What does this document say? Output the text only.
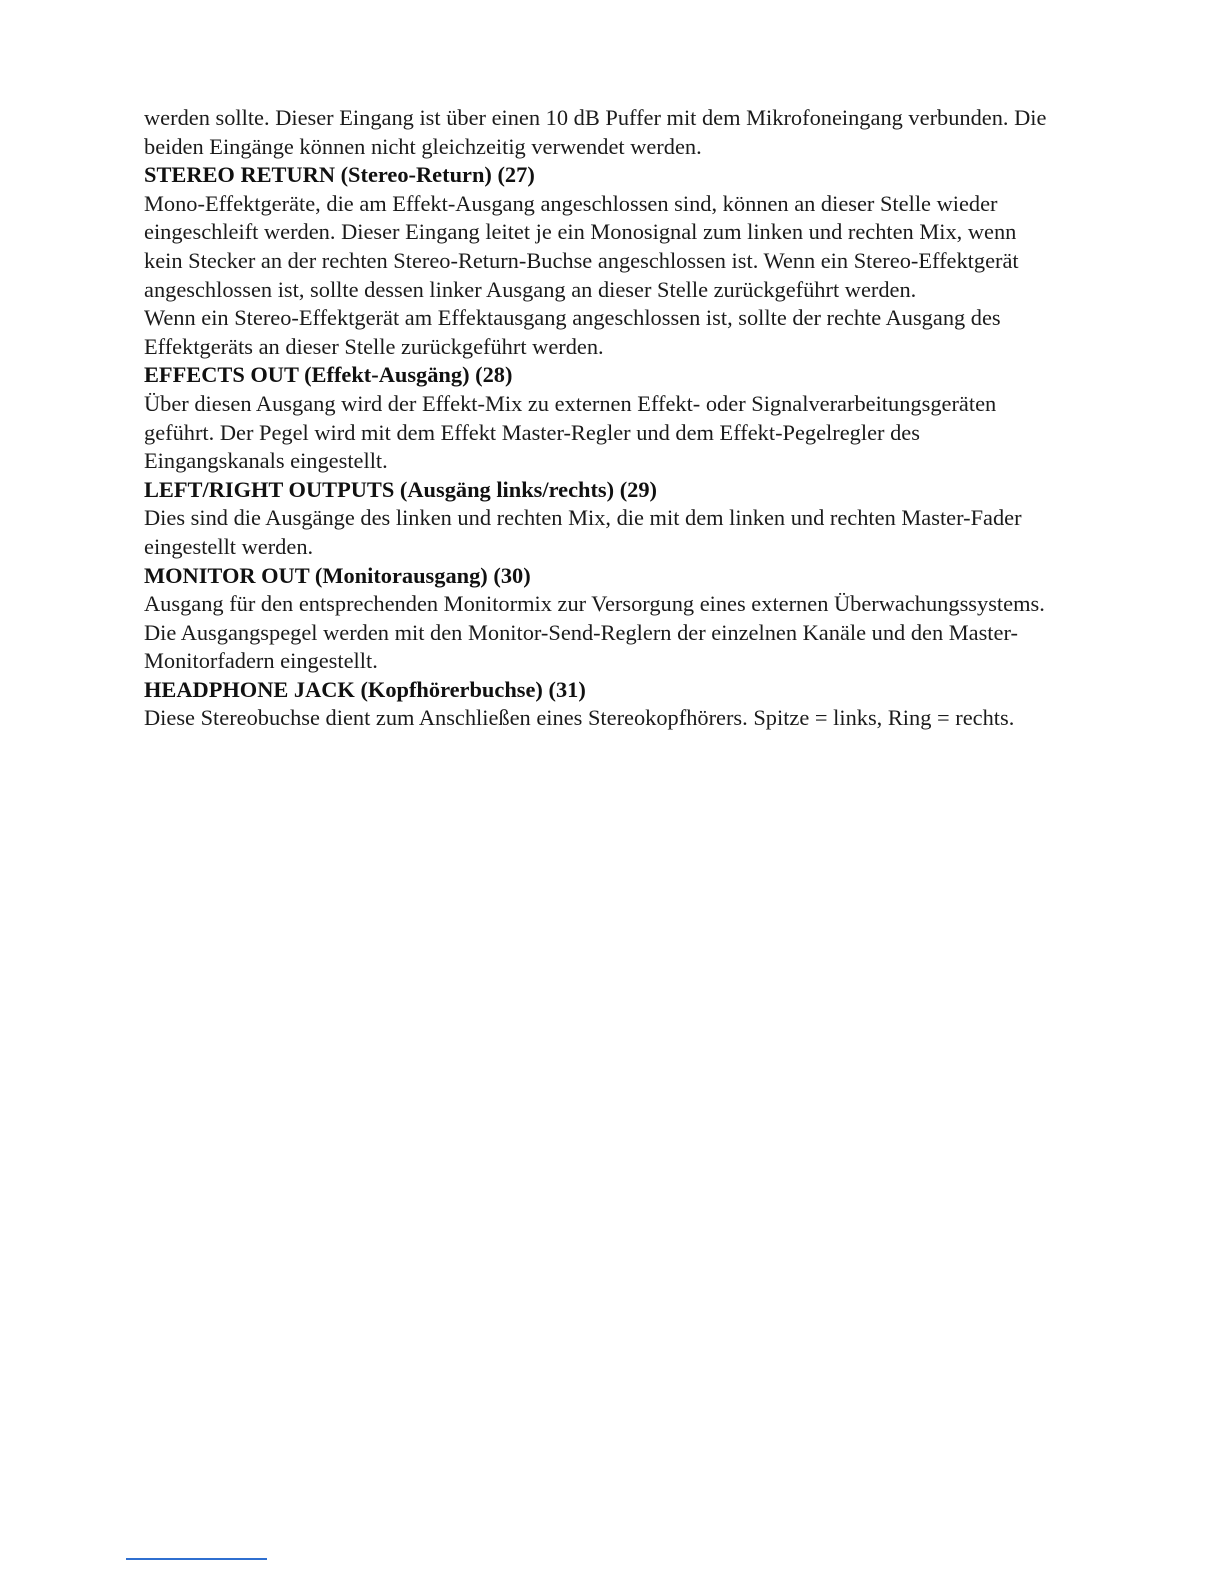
werden sollte. Dieser Eingang ist über einen 10 dB Puffer mit dem Mikrofoneingang verbunden. Die
beiden Eingänge können nicht gleichzeitig verwendet werden.
STEREO RETURN (Stereo-Return) (27)
Mono-Effektgeräte, die am Effekt-Ausgang angeschlossen sind, können an dieser Stelle wieder
eingeschleift werden. Dieser Eingang leitet je ein Monosignal zum linken und rechten Mix, wenn
kein Stecker an der rechten Stereo-Return-Buchse angeschlossen ist. Wenn ein Stereo-Effektgerät
angeschlossen ist, sollte dessen linker Ausgang an dieser Stelle zurückgeführt werden.
Wenn ein Stereo-Effektgerät am Effektausgang angeschlossen ist, sollte der rechte Ausgang des
Effektgeräts an dieser Stelle zurückgeführt werden.
EFFECTS OUT (Effekt-Ausgäng) (28)
Über diesen Ausgang wird der Effekt-Mix zu externen Effekt- oder Signalverarbeitungsgeräten
geführt. Der Pegel wird mit dem Effekt Master-Regler und dem Effekt-Pegelregler des
Eingangskanals eingestellt.
LEFT/RIGHT OUTPUTS (Ausgäng links/rechts) (29)
Dies sind die Ausgänge des linken und rechten Mix, die mit dem linken und rechten Master-Fader
eingestellt werden.
MONITOR OUT (Monitorausgang) (30)
Ausgang für den entsprechenden Monitormix zur Versorgung eines externen Überwachungssystems.
Die Ausgangspegel werden mit den Monitor-Send-Reglern der einzelnen Kanäle und den Master-
Monitorfadern eingestellt.
HEADPHONE JACK (Kopfhörerbuchse) (31)
Diese Stereobuchse dient zum Anschließen eines Stereokopfhörers. Spitze = links, Ring = rechts.
